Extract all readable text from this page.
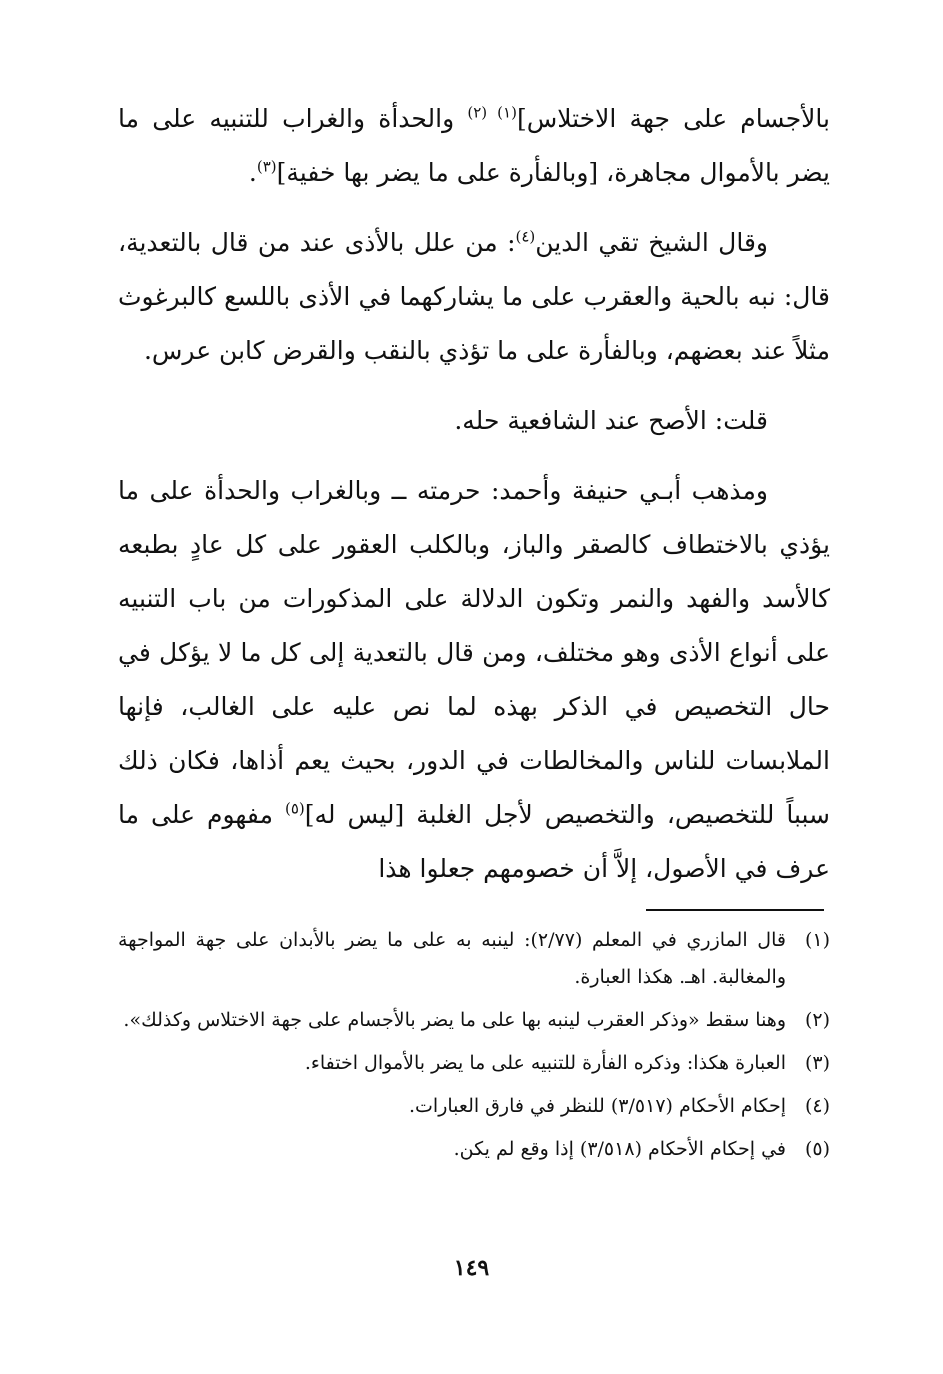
بالأجسام على جهة الاختلاس]$^{(١) (٢)}$ والحدأة والغراب للتنبيه على ما يضر بالأموال مجاهرة، [وبالفأرة على ما يضر بها خفية]$^{(٣)}$.

وقال الشيخ تقي الدين$^{(٤)}$: من علل بالأذى عند من قال بالتعدية، قال: نبه بالحية والعقرب على ما يشاركهما في الأذى باللسع كالبرغوث مثلاً عند بعضهم، وبالفأرة على ما تؤذي بالنقب والقرض كابن عرس.

قلت: الأصح عند الشافعية حله.

ومذهب أبـي حنيفة وأحمد: حرمته ــ وبالغراب والحدأة على ما يؤذي بالاختطاف كالصقر والباز، وبالكلب العقور على كل عادٍ بطبعه كالأسد والفهد والنمر وتكون الدلالة على المذكورات من باب التنبيه على أنواع الأذى وهو مختلف، ومن قال بالتعدية إلى كل ما لا يؤكل في حال التخصيص في الذكر بهذه لما نص عليه على الغالب، فإنها الملابسات للناس والمخالطات في الدور، بحيث يعم أذاها، فكان ذلك سبباً للتخصيص، والتخصيص لأجل الغلبة [ليس له]$^{(٥)}$ مفهوم على ما عرف في الأصول، إلاَّ أن خصومهم جعلوا هذا

(١)
قال المازري في المعلم (٢/٧٧): لينبه به على ما يضر بالأبدان على جهة المواجهة والمغالبة. اهـ. هكذا العبارة.
(٢)
وهنا سقط «وذكر العقرب لينبه بها على ما يضر بالأجسام على جهة الاختلاس وكذلك».
(٣)
العبارة هكذا: وذكره الفأرة للتنبيه على ما يضر بالأموال اختفاء.
(٤)
إحكام الأحكام (٣/٥١٧) للنظر في فارق العبارات.
(٥)
في إحكام الأحكام (٣/٥١٨) إذا وقع لم يكن.
١٤٩
